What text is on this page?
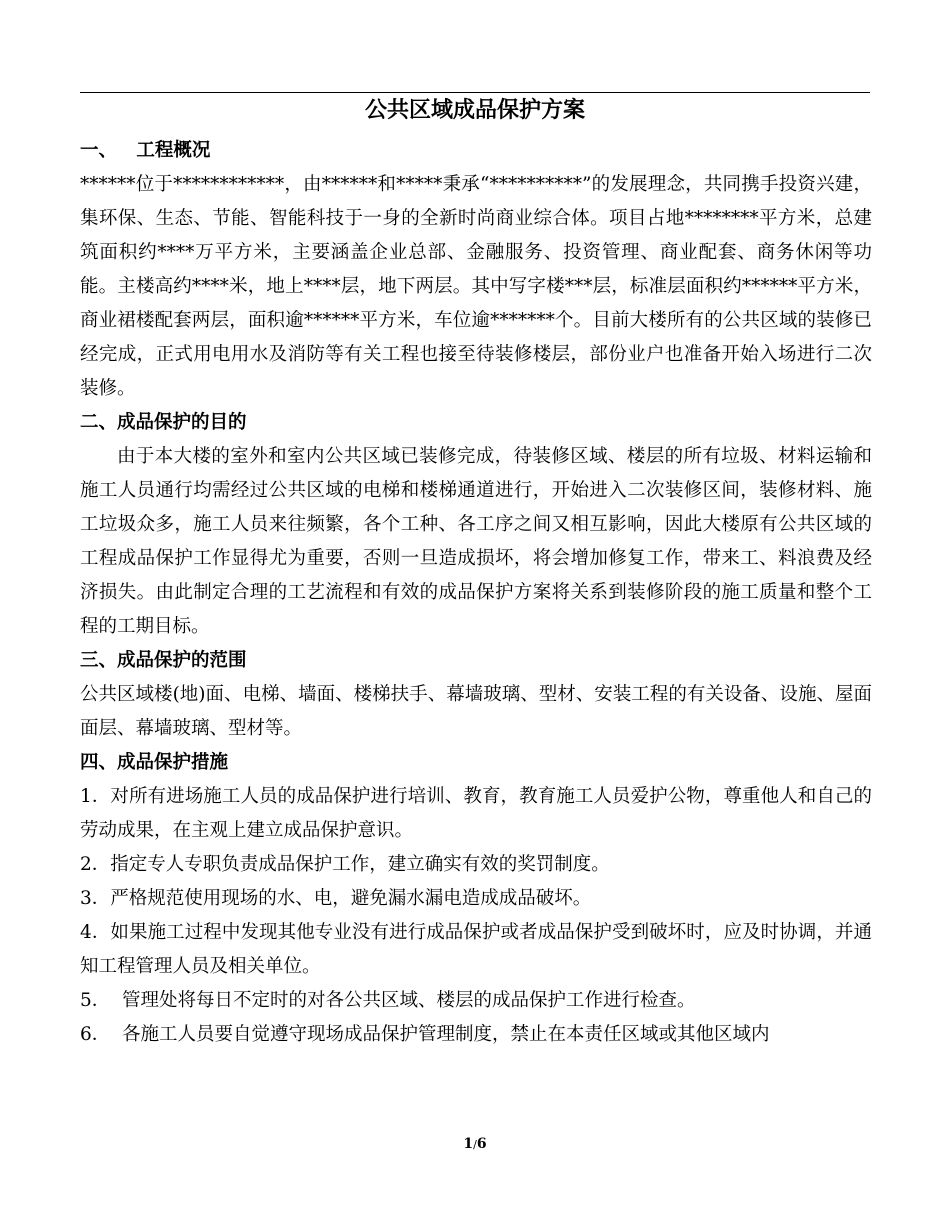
公共区域成品保护方案
一、   工程概况
******位于************，由******和*****秉承“**********”的发展理念，共同携手投资兴建，集环保、生态、节能、智能科技于一身的全新时尚商业综合体。项目占地********平方米，总建筑面积约****万平方米，主要涵盖企业总部、金融服务、投资管理、商业配套、商务休闲等功能。主楼高约****米，地上****层，地下两层。其中写字楼***层，标准层面积约******平方米，商业裙楼配套两层，面积逾******平方米，车位逾*******个。目前大楼所有的公共区域的装修已经完成，正式用电用水及消防等有关工程也接至待装修楼层，部份业户也准备开始入场进行二次装修。
二、成品保护的目的
由于本大楼的室外和室内公共区域已装修完成，待装修区域、楼层的所有垃圾、材料运输和施工人员通行均需经过公共区域的电梯和楼梯通道进行，开始进入二次装修区间，装修材料、施工垃圾众多，施工人员来往频繁，各个工种、各工序之间又相互影响，因此大楼原有公共区域的工程成品保护工作显得尤为重要，否则一旦造成损坏，将会增加修复工作，带来工、料浪费及经济损失。由此制定合理的工艺流程和有效的成品保护方案将关系到装修阶段的施工质量和整个工程的工期目标。
三、成品保护的范围
公共区域楼(地)面、电梯、墙面、楼梯扶手、幕墙玻璃、型材、安装工程的有关设备、设施、屋面面层、幕墙玻璃、型材等。
四、成品保护措施
1．对所有进场施工人员的成品保护进行培训、教育，教育施工人员爱护公物，尊重他人和自己的劳动成果，在主观上建立成品保护意识。
2．指定专人专职负责成品保护工作，建立确实有效的奖罚制度。
3．严格规范使用现场的水、电，避免漏水漏电造成成品破坏。
4．如果施工过程中发现其他专业没有进行成品保护或者成品保护受到破坏时，应及时协调，并通知工程管理人员及相关单位。
5．  管理处将每日不定时的对各公共区域、楼层的成品保护工作进行检查。
6．  各施工人员要自觉遵守现场成品保护管理制度，禁止在本责任区域或其他区域内
1/6
